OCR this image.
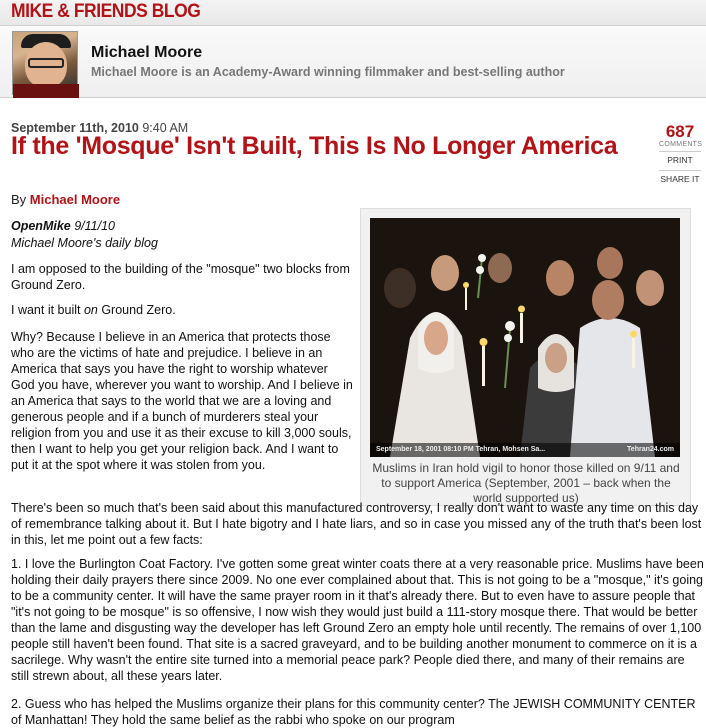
MIKE & FRIENDS BLOG
Michael Moore
Michael Moore is an Academy-Award winning filmmaker and best-selling author
September 11th, 2010 9:40 AM
If the 'Mosque' Isn't Built, This Is No Longer America
By Michael Moore
687
COMMENTS
PRINT
SHARE IT
OpenMike 9/11/10
Michael Moore's daily blog

I am opposed to the building of the "mosque" two blocks from Ground Zero.

I want it built on Ground Zero.

Why? Because I believe in an America that protects those who are the victims of hate and prejudice. I believe in an America that says you have the right to worship whatever God you have, wherever you want to worship. And I believe in an America that says to the world that we are a loving and generous people and if a bunch of murderers steal your religion from you and use it as their excuse to kill 3,000 souls, then I want to help you get your religion back. And I want to put it at the spot where it was stolen from you.

September 18, 2001 08:10 PM Tehran, Mohsen Sa...	Tehran24.com
Muslims in Iran hold vigil to honor those killed on 9/11 and to support America (September, 2001 – back when the world supported us)

There's been so much that's been said about this manufactured controversy, I really don't want to waste any time on this day of remembrance talking about it. But I hate bigotry and I hate liars, and so in case you missed any of the truth that's been lost in this, let me point out a few facts:

1. I love the Burlington Coat Factory. I've gotten some great winter coats there at a very reasonable price. Muslims have been holding their daily prayers there since 2009. No one ever complained about that. This is not going to be a "mosque," it's going to be a community center. It will have the same prayer room in it that's already there. But to even have to assure people that "it's not going to be mosque" is so offensive, I now wish they would just build a 111-story mosque there. That would be better than the lame and disgusting way the developer has left Ground Zero an empty hole until recently. The remains of over 1,100 people still haven't been found. That site is a sacred graveyard, and to be building another monument to commerce on it is a sacrilege. Why wasn't the entire site turned into a memorial peace park? People died there, and many of their remains are still strewn about, all these years later.

2. Guess who has helped the Muslims organize their plans for this community center? The JEWISH COMMUNITY CENTER of Manhattan! They hold the same belief as the rabbi who spoke on our program
